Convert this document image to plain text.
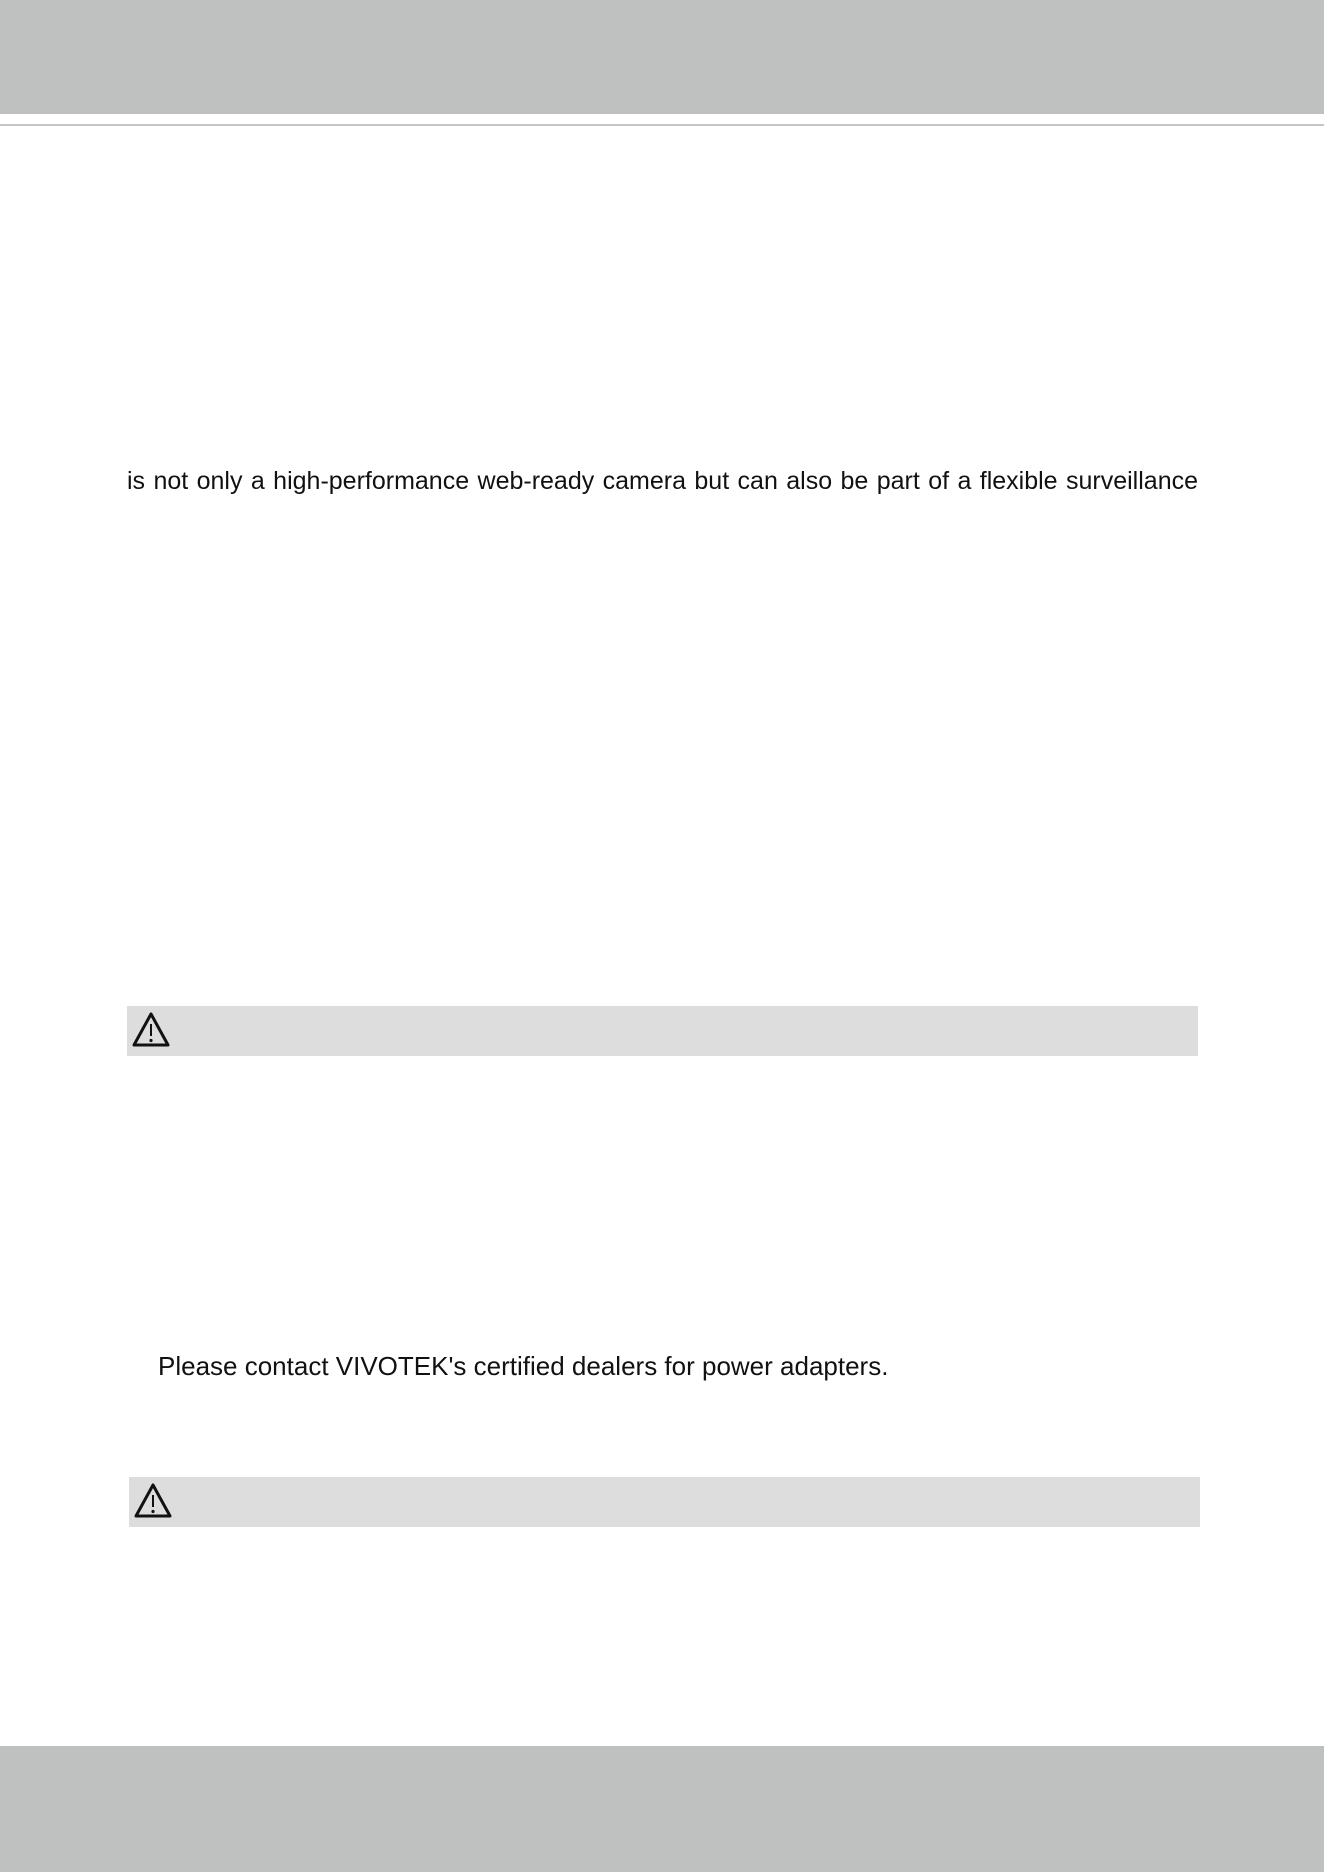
is not only a high-performance web-ready camera but can also be part of a flexible surveillance
Please contact VIVOTEK's certified dealers for power adapters.
